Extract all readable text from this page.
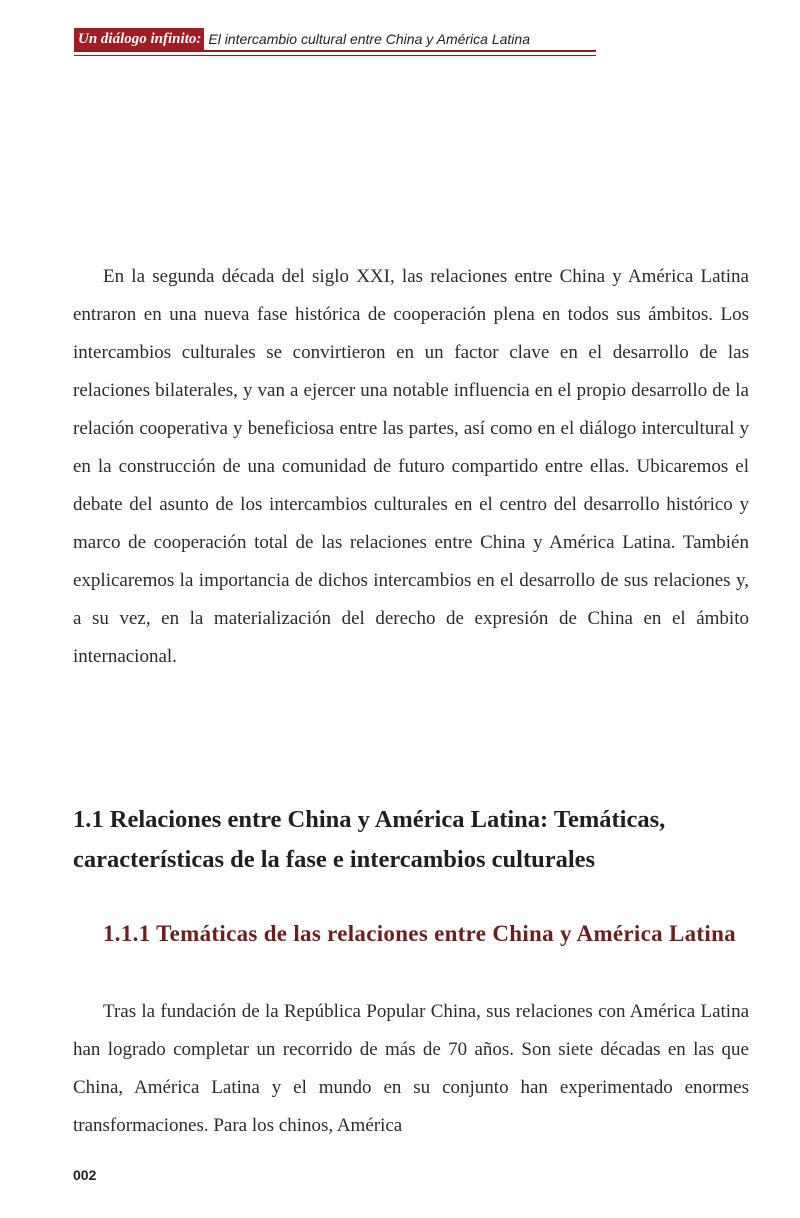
Un diálogo infinito: El intercambio cultural entre China y América Latina

En la segunda década del siglo XXI, las relaciones entre China y América Latina entraron en una nueva fase histórica de cooperación plena en todos sus ámbitos. Los intercambios culturales se convirtieron en un factor clave en el desarrollo de las relaciones bilaterales, y van a ejercer una notable influencia en el propio desarrollo de la relación cooperativa y beneficiosa entre las partes, así como en el diálogo intercultural y en la construcción de una comunidad de futuro compartido entre ellas. Ubicaremos el debate del asunto de los intercambios culturales en el centro del desarrollo histórico y marco de cooperación total de las relaciones entre China y América Latina. También explicaremos la importancia de dichos intercambios en el desarrollo de sus relaciones y, a su vez, en la materialización del derecho de expresión de China en el ámbito internacional.

1.1 Relaciones entre China y América Latina: Temáticas, características de la fase e intercambios culturales
1.1.1 Temáticas de las relaciones entre China y América Latina

Tras la fundación de la República Popular China, sus relaciones con América Latina han logrado completar un recorrido de más de 70 años. Son siete décadas en las que China, América Latina y el mundo en su conjunto han experimentado enormes transformaciones. Para los chinos, América

002
